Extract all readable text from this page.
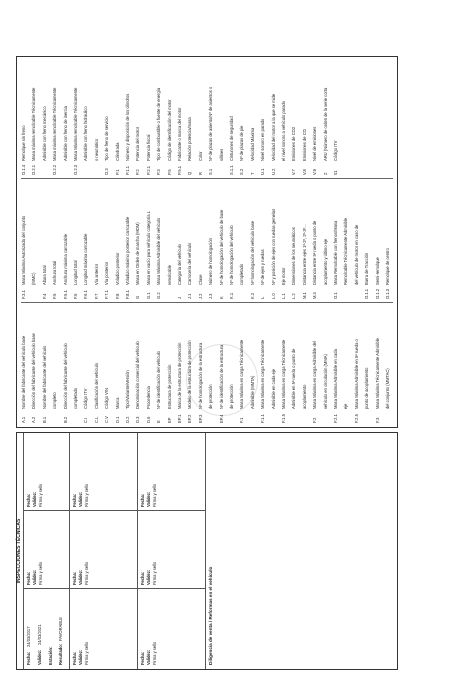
INSPECCIONES TÉCNICAS
Fecha:
24/03/2017
Validez:
24/03/2021
Estación: Resultado:
FAVORABLE
Fecha: Validez: Firma y sello
Fecha: Validez: Firma y sello
Fecha: Validez: Firma y sello
Fecha: Validez: Firma y sello
Fecha: Validez: Firma y sello
Fecha: Validez: Firma y sello
Fecha: Validez: Firma y sello
Fecha: Validez: Firma y sello
Diligencia de venta / Reformas en el vehículo
A.1
Nombre del fabricante del vehículo base
A.2
Dirección del fabricante del vehículo base
B.1
Nombre del fabricante del vehículo completo
B.2
Dirección del fabricante del vehículo completado
C.I
Código ITV
C.L
Clasificación del vehículo
C.V
Código VIN
D.1
Marca
D.2
Tipo/Variante/Versión
D.3
Denominación comercial del vehículo
D.6
Procedencia
E
Nº de identificación del vehículo
EP
Estructura de protección
EP.1
Marca de la estructura de protección
EP.2
Modelo de la estructura de protección
EP.3
Nº de homologación de la estructura de protección
EP.4
Nº de identificación de la estructura de protección
F.1
Masa Máxima en carga Técnicamente Admisible (MMTA)
F.1.1
Masa Máxima en carga Técnicamente Admisible en cada eje
F.1.5
Masa Máxima en carga Técnicamente Admisible en 5ª rueda o punto de acoplamiento
F.2
Masa Máxima en carga Admisible del vehículo en circulación (MMA)
F.2.1
Masa Máxima Admisible en cada eje
F.2.5
Masa Máxima Admisible en 5ª rueda o punto de acoplamiento
F.3
Masa Máxima Técnicamente Admisible del conjunto (MMTAC)
F.3.1
Masa Máxima Autorizada del conjunto (MMC)
F.4
Altura total
F.5
Anchura total
F.5.1
Anchura máxima carrozable
F.6
Longitud total
F.6.1
Longitud máxima carrozable
F.7
Vía anterior
F.7.1
Vía posterior
F.8
Voladizo posterior
F.8.1
Voladizo máximo posterior carrozable
G
Masa en Orden de marcha (MOM)
G.1
Masa en vacío para vehículo categoría L
G.2
Masa Máxima Admisible del vehículo remolcable
J
Categoría del vehículo
J.1
Carrocería del vehículo
J.2
Clase
J.3
Número de homologación
K
Nº de homologación del vehículo de base
K.1
Nº de homologación del vehículo completado
K.2
Nº homologación del vehículo base
L
Nº de ejes y ruedas
L.0
Nº y posición de ejes con ruedas gemelas
L.1
Eje motor
L.2
Dimensiones de los neumáticos
M.1
Distancia entre ejes 1º-2º, 2º-3º...
M.4
Distancia entre 5ª rueda o punto de acoplamiento y último eje
O.1
Masa Remolcable con frenos/Masa Remolcable Técnicamente Admisible del vehículo de motor en caso de
O.1.1
Barra de Tracción
O.1.2
Semi-remolque
O.1.3
Remolque de centro
O.1.4
Remolque sin freno
O.2.1
Masa máxima remolcable Técnicamente Admisible con freno mecánico
O.2.2
Masa máxima remolcable Técnicamente Admisible con freno de inercia
O.2.3
Masa Máxima remolcable Técnicamente Admisible con freno hidráulico o neumático
O.3
Tipo de freno de servicio
P.1
Cilindrada
P.1.1
Número y disposición de los cilindros
P.2
Potencia del motor
P.2.1
Potencia fiscal
P.3
Tipo de combustible o fuente de energía
P.5
Código de identificación del motor
P.5.1
Fabricante o marca del motor
Q
Relación potencia/masa
R
Color
S.1
Nº de plazas de asiento/Nº de asientos o sillines
S.1.1
Cinturones de seguridad
S.2
Nº de plazas de pie
T
Velocidad Máxima
U.1
Nivel sonoro en parado
U.2
Velocidad del motor a la que se mide el nivel sonoro a vehículo parado
V.7
Emisiones de CO2
V.8
Emisiones de CO
V.9
Nivel de emisiones
Z
ARU (Número de orden de la serie corta
01
Código ITV
